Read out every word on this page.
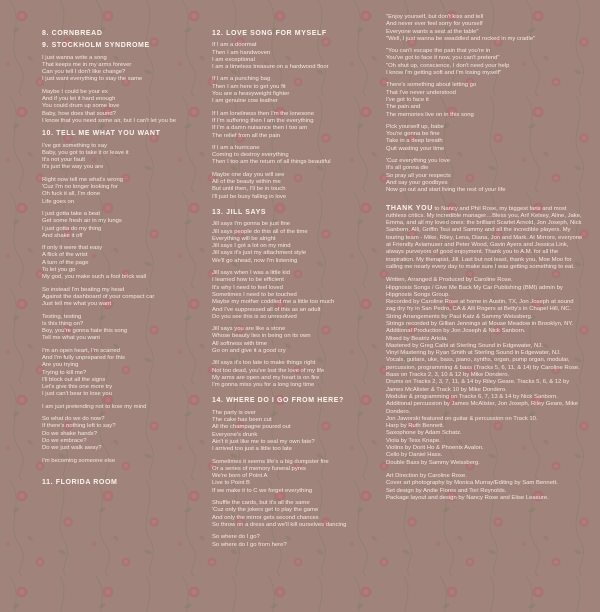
8. CORNBREAD
9. STOCKHOLM SYNDROME
I just wanna write a song
That keeps me in my arms forever
Can you tell I don't like change?
I just want everything to stay the same
Maybe I could be your ex
And if you let it hard enough
You could drum up some love
Baby, how does that sound?
I know that you need some air, but I can't let you be
10. TELL ME WHAT YOU WANT
I've got something to say
Baby, you got to take it or leave it
It's not your fault
It's just the way you are
Right now tell me what's wrong
'Cuz I'm no longer looking for
Oh fuck it all, I'm done
Life goes on
I just gotta take a beat
Get some fresh air in my lungs
I just gotta do my thing
And shake it off
If only it were that easy
A flick of the wrist
A turn of the page
To let you go
My god, you make such a fool brick wall
So instead I'm beating my head
Against the dashboard of your compact car
Just tell me what you want
Testing, testing
Is this thing on?
Boy, you're gonna hate this song
Tell me what you want
I'm an open heart, I'm scarred
And I'm fully unprepared for this
Are you trying
Trying to kill me?
I'll block out all the signs
Let's give this one more try
I just can't bear to lose you
I am just pretending not to lose my mind
So what do we do now?
If there's nothing left to say?
Do we shake hands?
Do we embrace?
Do we just walk away?
I'm becoming someone else
11. FLORIDA ROOM
12. LOVE SONG FOR MYSELF
If I am a doormat
Then I am handwoven
I am exceptional
I am a timeless treasure on a hardwood floor
If I am a punching bag
Then I am here to get you fit
You are a heavyweight fighter
I am genuine cow leather
If I am loneliness then I'm the lonesone
If I'm suffering then I am the everything
If I'm a damn nuisance then I too am
The relief from all the pain
If I am a hurricane
Coming to destroy everything
Then I too am the return of all things beautiful
Maybe one day you will see
All of the beauty within me
But until then, I'll be in touch
I'll just be busy falling in love
13. JILL SAYS
Jill says I'm gonna be just fine
Jill says people do this all of the time
Everything will be alright
Jill says I got a lot on my mind
Jill says it's just my attachment style
We'll go ahead, now I'm listening
Jill says when I was a little kid
I learned how to be efficient
It's why I need to feel loved
Sometimes I need to be touched
Maybe my mother coddled me a little too much
And I've suppressed all of this as an adult
Do you see this is so unresolved
Jill says you are like a stone
Whose beauty lies in being on its own
All softness with time
Go on and give it a good cry
Jill says it's too late to make things right
Not too dead, you've lost the love of my life
My arms are open and my heart is on fire
I'm gonna miss you for a long long time
14. WHERE DO I GO FROM HERE?
The party is over
The cake has been cut
All the champagne poured out
Everyone's drunk
Ain't it just like me to seal my own fate?
I arrived too just a little too late
Sometimes it seems life's a big dumpster fire
Or a series of memory funeral pyres
We're born of Point A
Live to Point B
If we make it to C we forget everything
Shuffle the cards, but it's all the same
'Cuz only the jokers get to play the game
And only the mirror gets second chances
So throw on a dress and we'll kill ourselves dancing
So where do I go?
So where do I go from here?
"Enjoy yourself, but don't kiss and tell
And never ever feel sorry for yourself
Everyone wants a seat at the table"
"Well, I just wanna be swaddled and rocked in my cradle"
"You can't escape the pain that you're in
You've got to face it now, you can't pretend"
"Oh shut up, conscience, I don't need your help
I know I'm getting soft and I'm losing myself"
There's something about letting go
That I've never understood
I've got to face it
The pain and
The memories live on in this song
Pick yourself up, babe
You're gonna be fine
Take in a deep breath
Quit wasting your time
'Cuz everything you love
It's all gonna die
So pray all your respects
And say your goodbyes
Now go out and start living the rest of your life
THANK YOU to Nancy and Phil Rose, my biggest fans and most ruthless critics. My incredible manager…Bless you, Ari! Kelsey, Aline, Jake, Emma, and all my loved ones: the brilliant Scarlet Arnold, Jon Joseph, Nick Sanborn, Alli, Griffin Tsui and Sammy and all the incredible players. My touring team - Mike, Riley, Lena, Diana, Jon and Mark. At Mirrors, everyone at Friendly Aviamuser and Peter Wood, Gavin Ayers and Jessica Link, always purveyors of good enjoyment. Thank you to A.M. for all the inspiration. My therapist, Jill. Last but not least, thank you, Moe Moo for calling me nearly every day to make sure I was getting something to eat.
Written, Arranged & Produced by Caroline Rose.
Hipgnosis Songs / Give Me Back My Car Publishing (BMI) admin by Hipgnosis Songs Group.
Recorded by Caroline Rose at home in Austin, TX, Jon Joseph at sound zag dry fry in San Pedro, CA & Alli Rogers at Betty's in Chapel Hill, NC.
String Arrangements by Paul Katz & Sammy Weissberg.
Strings recorded by Gillian Jennings at Mouse Meadow in Brooklyn, NY.
Additional Production by Jon Joseph & Nick Sanborn.
Mixed by Beatriz Artola.
Mastered by Greg Calbi at Sterling Sound in Edgewater, NJ.
Vinyl Mastering by Ryan Smith at Sterling Sound in Edgewater, NJ.
Vocals, guitars, uke, bass, piano, synths, organ, pump organ, modular, percussion, programming & bass (Tracks 5, 6, 11, & 14) by Caroline Rose.
Bass on Tracks 2, 3, 10 & 12 by Mike Dondero.
Drums on Tracks 2, 3, 7, 11, & 14 by Riley Geare. Tracks 5, 6, & 12 by James McAlister & Track 10 by Mike Dondero.
Modular & programming on Tracks 6, 7, 13 & 14 by Nick Sanborn.
Additional percussion by James McAlister, Jon Joseph, Riley Geare, Mike Dondero.
Jon Jaworski featured on guitar & percussion on Track 10.
Harp by Ruth Bennett.
Saxophone by Adam Schatz.
Viola by Tess Knape.
Violins by Dorit Ho & Phoenix Avalon.
Cello by Daniel Hass.
Double Bass by Sammy Weissberg.
Art Direction by Caroline Rose.
Cover art photography by Monica Murray/Editing by Sam Bennett.
Set design by Andie Flores and Tori Reynolds.
Package layout and design by Nancy Rose and Elise Leasure.
